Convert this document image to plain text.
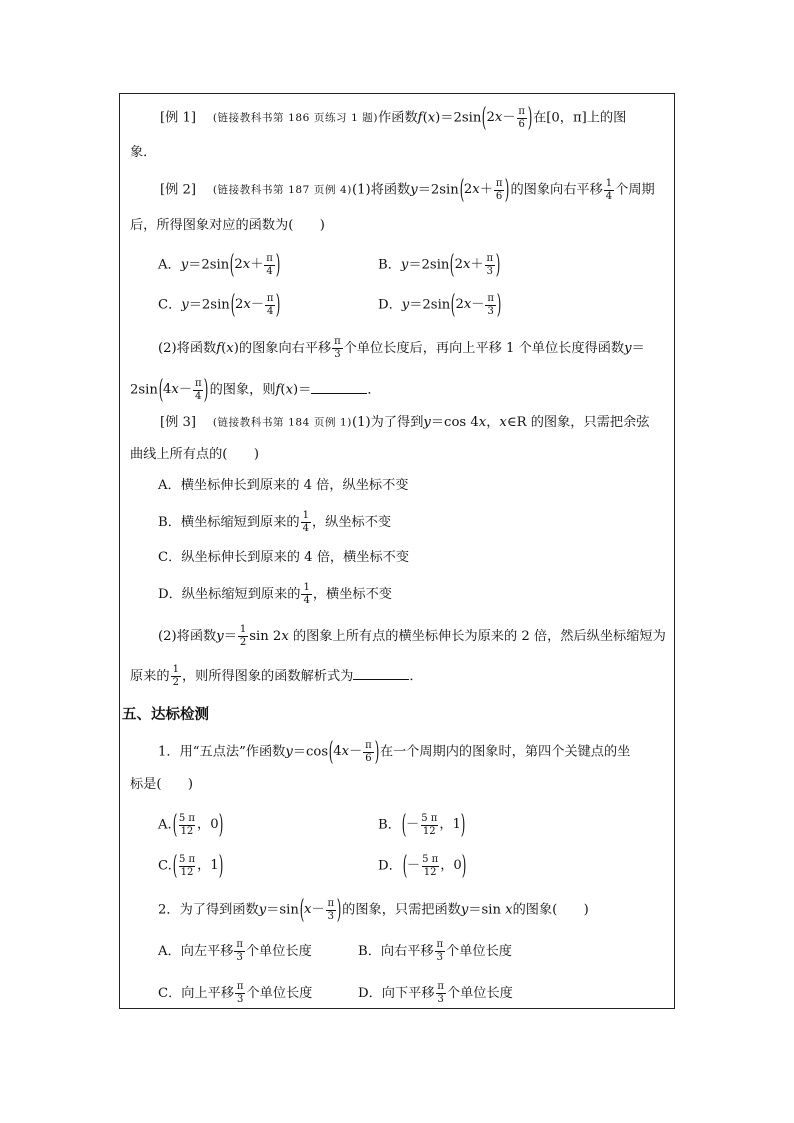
[例 1] (链接教科书第 186 页练习 1 题)作函数f(x)＝2sin ( 2 $x - \frac{\pi}{6}$ ) 在[0，π]上的图
象．
[例 2] (链接教科书第 187 页例 4)(1)将函数y＝2sin ( 2 $x + \frac{\pi}{6}$ ) 的图象向右平移 $\frac{1}{4}$ 个周期
后，所得图象对应的函数为(　　)
A．y＝2sin ( 2 $x + \frac{\pi}{4}$ )	B．y＝2sin ( 2 $x + \frac{\pi}{3}$ )
C．y＝2sin ( 2 $x - \frac{\pi}{4}$ )	D．y＝2sin ( 2 $x - \frac{\pi}{3}$ )
(2)将函数f(x)的图象向右平移 $\frac{\pi}{3}$ 个单位长度后，再向上平移 1 个单位长度得函数y＝
2sin ( 4 $x - \frac{\pi}{4}$ ) 的图象，则f(x)＝	．
[例 3] (链接教科书第 184 页例 1)(1)为了得到y＝cos 4x，x∈R 的图象，只需把余弦
曲线上所有点的(　　)
A．横坐标伸长到原来的 4 倍，纵坐标不变
B．横坐标缩短到原来的 $\frac{1}{4}$ ，纵坐标不变
C．纵坐标伸长到原来的 4 倍，横坐标不变
D．纵坐标缩短到原来的 $\frac{1}{4}$ ，横坐标不变
(2)将函数$y= \frac{1}{2}$ sin 2x 的图象上所有点的横坐标伸长为原来的 2 倍，然后纵坐标缩短为
原来的 $\frac{1}{2}$ ，则所得图象的函数解析式为	．
五、达标检测
1．用“五点法”作函数y＝cos ( 4 $x - \frac{\pi}{6}$ ) 在一个周期内的图象时，第四个关键点的坐
标是(　　)
A. ( $\frac{5 \pi}{12}$ ， 0 )	B． ( － $\frac{5 \pi}{12}$ ， 1 )
C. ( $\frac{5 \pi}{12}$ ， 1 )	D． ( － $\frac{5 \pi}{12}$ ， 0 )
2．为了得到函数y＝sin ( $x - \frac{\pi}{3}$ ) 的图象，只需把函数y＝sin x的图象(　　)
A．向左平移 $\frac{\pi}{3}$ 个单位长度	B．向右平移 $\frac{\pi}{3}$ 个单位长度
C．向上平移 $\frac{\pi}{3}$ 个单位长度	D．向下平移 $\frac{\pi}{3}$ 个单位长度
